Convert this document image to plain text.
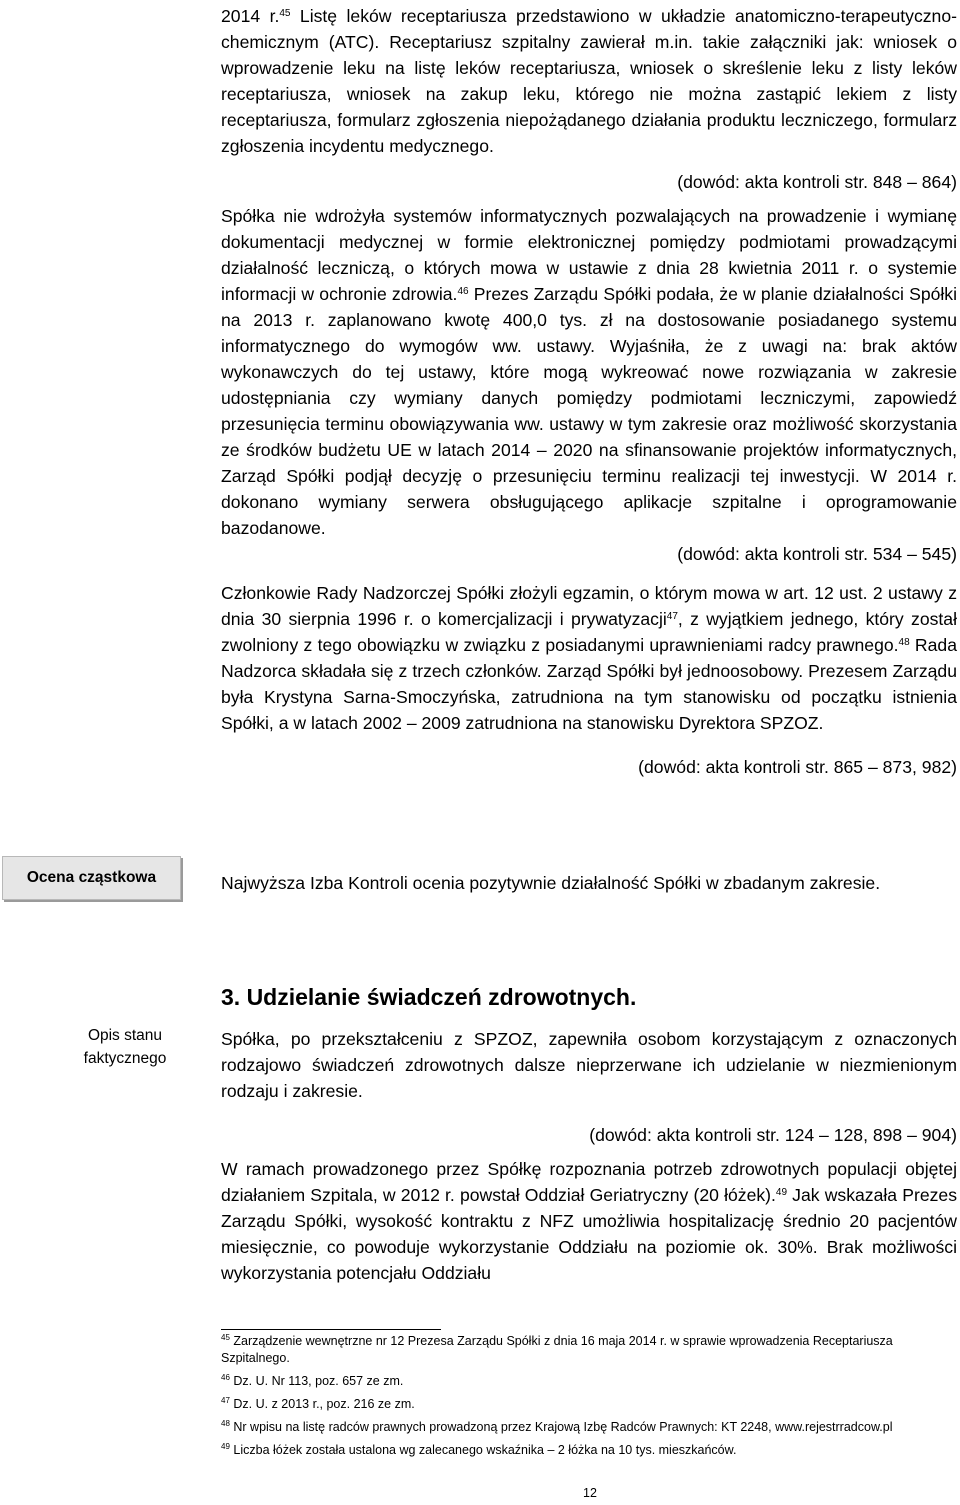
2014 r.$^{45}$ Listę leków receptariusza przedstawiono w układzie anatomiczno-terapeutyczno-chemicznym (ATC). Receptariusz szpitalny zawierał m.in. takie załączniki jak: wniosek o wprowadzenie leku na listę leków receptariusza, wniosek o skreślenie leku z listy leków receptariusza, wniosek na zakup leku, którego nie można zastąpić lekiem z listy receptariusza, formularz zgłoszenia niepożądanego działania produktu leczniczego, formularz zgłoszenia incydentu medycznego.

(dowód: akta kontroli str. 848 – 864)

Spółka nie wdrożyła systemów informatycznych pozwalających na prowadzenie i wymianę dokumentacji medycznej w formie elektronicznej pomiędzy podmiotami prowadzącymi działalność leczniczą, o których mowa w ustawie z dnia 28 kwietnia 2011 r. o systemie informacji w ochronie zdrowia.$^{46}$ Prezes Zarządu Spółki podała, że w planie działalności Spółki na 2013 r. zaplanowano kwotę 400,0 tys. zł na dostosowanie posiadanego systemu informatycznego do wymogów ww. ustawy. Wyjaśniła, że z uwagi na: brak aktów wykonawczych do tej ustawy, które mogą wykreować nowe rozwiązania w zakresie udostępniania czy wymiany danych pomiędzy podmiotami leczniczymi, zapowiedź przesunięcia terminu obowiązywania ww. ustawy w tym zakresie oraz możliwość skorzystania ze środków budżetu UE w latach 2014 – 2020 na sfinansowanie projektów informatycznych, Zarząd Spółki podjął decyzję o przesunięciu terminu realizacji tej inwestycji. W 2014 r. dokonano wymiany serwera obsługującego aplikacje szpitalne i oprogramowanie bazodanowe.

(dowód: akta kontroli str. 534 – 545)

Członkowie Rady Nadzorczej Spółki złożyli egzamin, o którym mowa w art. 12 ust. 2 ustawy z dnia 30 sierpnia 1996 r. o komercjalizacji i prywatyzacji$^{47}$, z wyjątkiem jednego, który został zwolniony z tego obowiązku w związku z posiadanymi uprawnieniami radcy prawnego.$^{48}$ Rada Nadzorca składała się z trzech członków. Zarząd Spółki był jednoosobowy. Prezesem Zarządu była Krystyna Sarna-Smoczyńska, zatrudniona na tym stanowisku od początku istnienia Spółki, a w latach 2002 – 2009 zatrudniona na stanowisku Dyrektora SPZOZ.

(dowód: akta kontroli str. 865 – 873, 982)

Ocena cząstkowa	Najwyższa Izba Kontroli ocenia pozytywnie działalność Spółki w zbadanym zakresie.

3. Udzielanie świadczeń zdrowotnych.
Opis stanu faktycznego

Spółka, po przekształceniu z SPZOZ, zapewniła osobom korzystającym z oznaczonych rodzajowo świadczeń zdrowotnych dalsze nieprzerwane ich udzielanie w niezmienionym rodzaju i zakresie.

(dowód: akta kontroli str. 124 – 128, 898 – 904)

W ramach prowadzonego przez Spółkę rozpoznania potrzeb zdrowotnych populacji objętej działaniem Szpitala, w 2012 r. powstał Oddział Geriatryczny (20 łóżek).$^{49}$ Jak wskazała Prezes Zarządu Spółki, wysokość kontraktu z NFZ umożliwia hospitalizację średnio 20 pacjentów miesięcznie, co powoduje wykorzystanie Oddziału na poziomie ok. 30%. Brak możliwości wykorzystania potencjału Oddziału

$^{45}$ Zarządzenie wewnętrzne nr 12 Prezesa Zarządu Spółki z dnia 16 maja 2014 r. w sprawie wprowadzenia Receptariusza Szpitalnego.

$^{46}$ Dz. U. Nr 113, poz. 657 ze zm.

$^{47}$ Dz. U. z 2013 r., poz. 216 ze zm.

$^{48}$ Nr wpisu na listę radców prawnych prowadzoną przez Krajową Izbę Radców Prawnych: KT 2248, www.rejestrradcow.pl

$^{49}$ Liczba łóżek została ustalona wg zalecanego wskaźnika – 2 łóżka na 10 tys. mieszkańców.

12
